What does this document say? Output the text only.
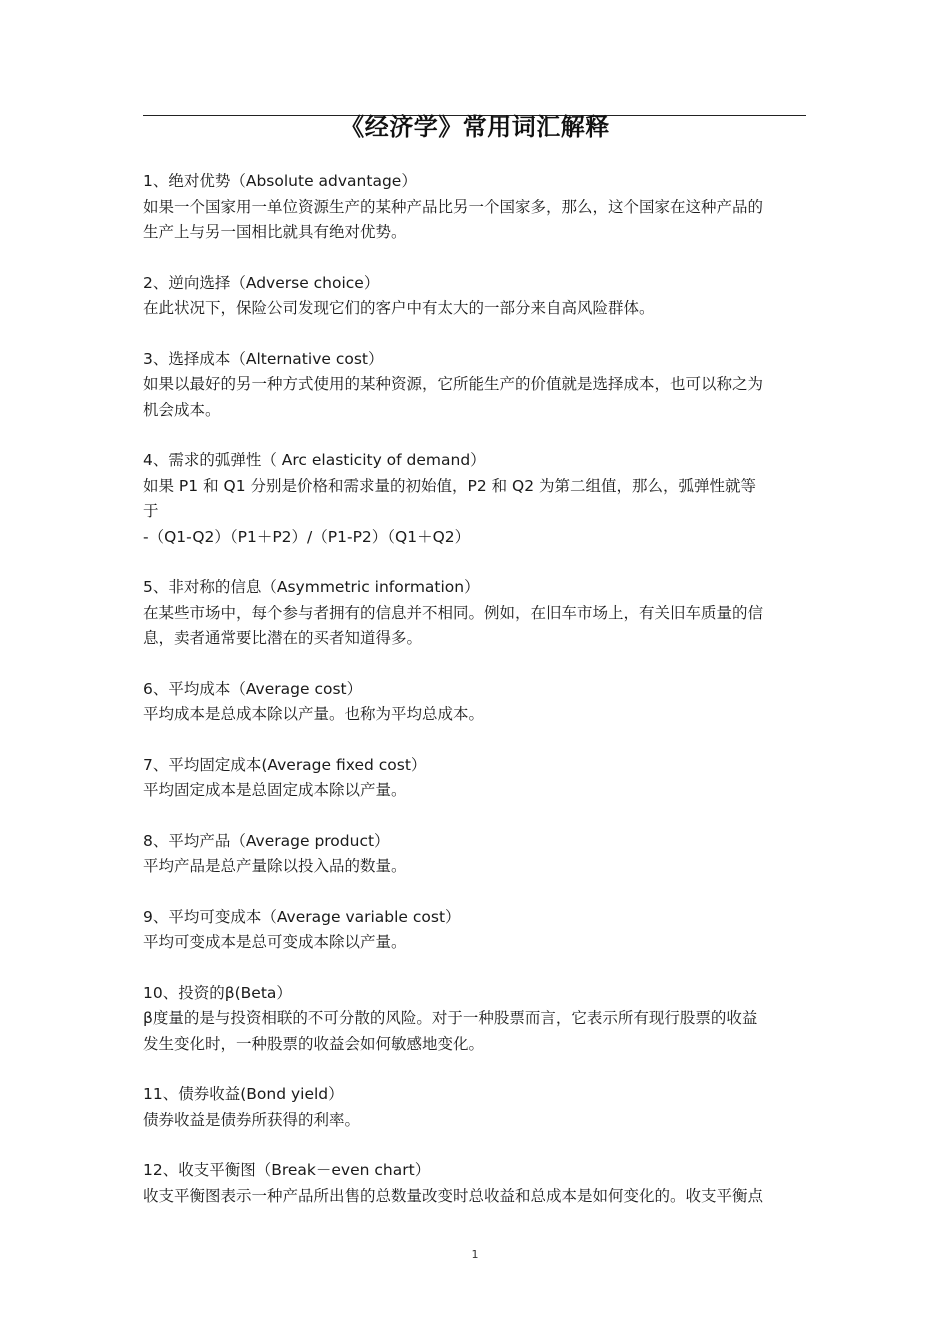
《经济学》常用词汇解释
1、绝对优势（Absolute advantage）
如果一个国家用一单位资源生产的某种产品比另一个国家多，那么，这个国家在这种产品的
生产上与另一国相比就具有绝对优势。
2、逆向选择（Adverse choice）
在此状况下，保险公司发现它们的客户中有太大的一部分来自高风险群体。
3、选择成本（Alternative cost）
如果以最好的另一种方式使用的某种资源，它所能生产的价值就是选择成本，也可以称之为
机会成本。
4、需求的弧弹性（ Arc elasticity of demand）
如果 P1 和 Q1 分别是价格和需求量的初始值，P2 和 Q2 为第二组值，那么，弧弹性就等
于
-（Q1-Q2）（P1＋P2）/（P1-P2）（Q1＋Q2）
5、非对称的信息（Asymmetric information）
在某些市场中，每个参与者拥有的信息并不相同。例如，在旧车市场上，有关旧车质量的信
息，卖者通常要比潜在的买者知道得多。
6、平均成本（Average cost）
平均成本是总成本除以产量。也称为平均总成本。
7、平均固定成本(Average fixed cost）
平均固定成本是总固定成本除以产量。
8、平均产品（Average product）
平均产品是总产量除以投入品的数量。
9、平均可变成本（Average variable cost）
平均可变成本是总可变成本除以产量。
10、投资的β(Beta）
β度量的是与投资相联的不可分散的风险。对于一种股票而言，它表示所有现行股票的收益
发生变化时，一种股票的收益会如何敏感地变化。
11、债券收益(Bond yield）
债券收益是债券所获得的利率。
12、收支平衡图（Break－even chart）
收支平衡图表示一种产品所出售的总数量改变时总收益和总成本是如何变化的。收支平衡点
1
